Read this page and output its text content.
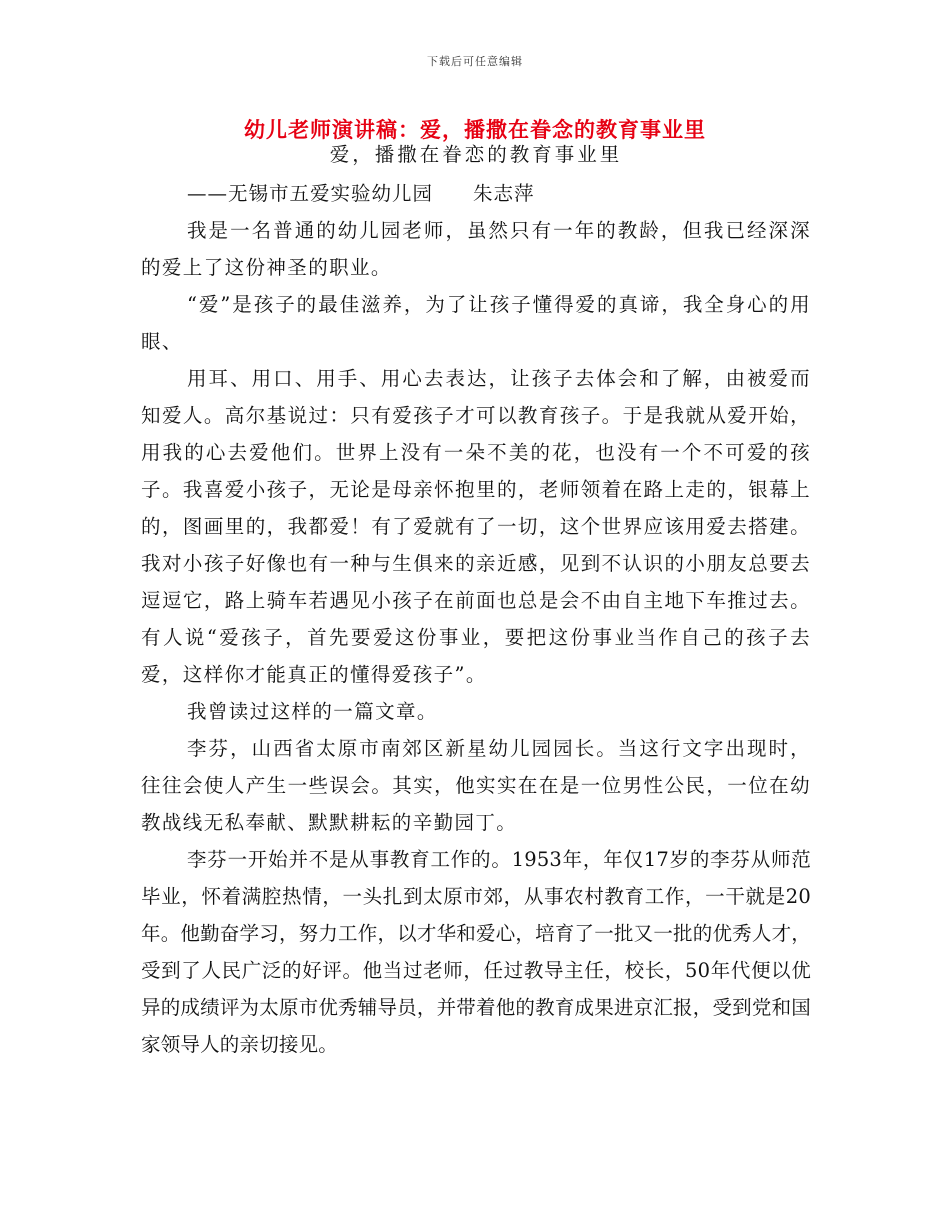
下载后可任意编辑
幼儿老师演讲稿：爱，播撒在眷念的教育事业里
爱，播撒在眷恋的教育事业里
——无锡市五爱实验幼儿园 朱志萍

我是一名普通的幼儿园老师，虽然只有一年的教龄，但我已经深深的爱上了这份神圣的职业。

“爱”是孩子的最佳滋养，为了让孩子懂得爱的真谛，我全身心的用眼、

用耳、用口、用手、用心去表达，让孩子去体会和了解，由被爱而知爱人。高尔基说过：只有爱孩子才可以教育孩子。于是我就从爱开始，用我的心去爱他们。世界上没有一朵不美的花，也没有一个不可爱的孩子。我喜爱小孩子，无论是母亲怀抱里的，老师领着在路上走的，银幕上的，图画里的，我都爱！有了爱就有了一切，这个世界应该用爱去搭建。我对小孩子好像也有一种与生俱来的亲近感，见到不认识的小朋友总要去逗逗它，路上骑车若遇见小孩子在前面也总是会不由自主地下车推过去。有人说“爱孩子，首先要爱这份事业，要把这份事业当作自己的孩子去爱，这样你才能真正的懂得爱孩子”。

我曾读过这样的一篇文章。

李芬，山西省太原市南郊区新星幼儿园园长。当这行文字出现时，往往会使人产生一些误会。其实，他实实在在是一位男性公民，一位在幼教战线无私奉献、默默耕耘的辛勤园丁。

李芬一开始并不是从事教育工作的。1953年，年仅17岁的李芬从师范毕业，怀着满腔热情，一头扎到太原市郊，从事农村教育工作，一干就是20年。他勤奋学习，努力工作，以才华和爱心，培育了一批又一批的优秀人才，受到了人民广泛的好评。他当过老师，任过教导主任，校长，50年代便以优异的成绩评为太原市优秀辅导员，并带着他的教育成果进京汇报，受到党和国家领导人的亲切接见。
